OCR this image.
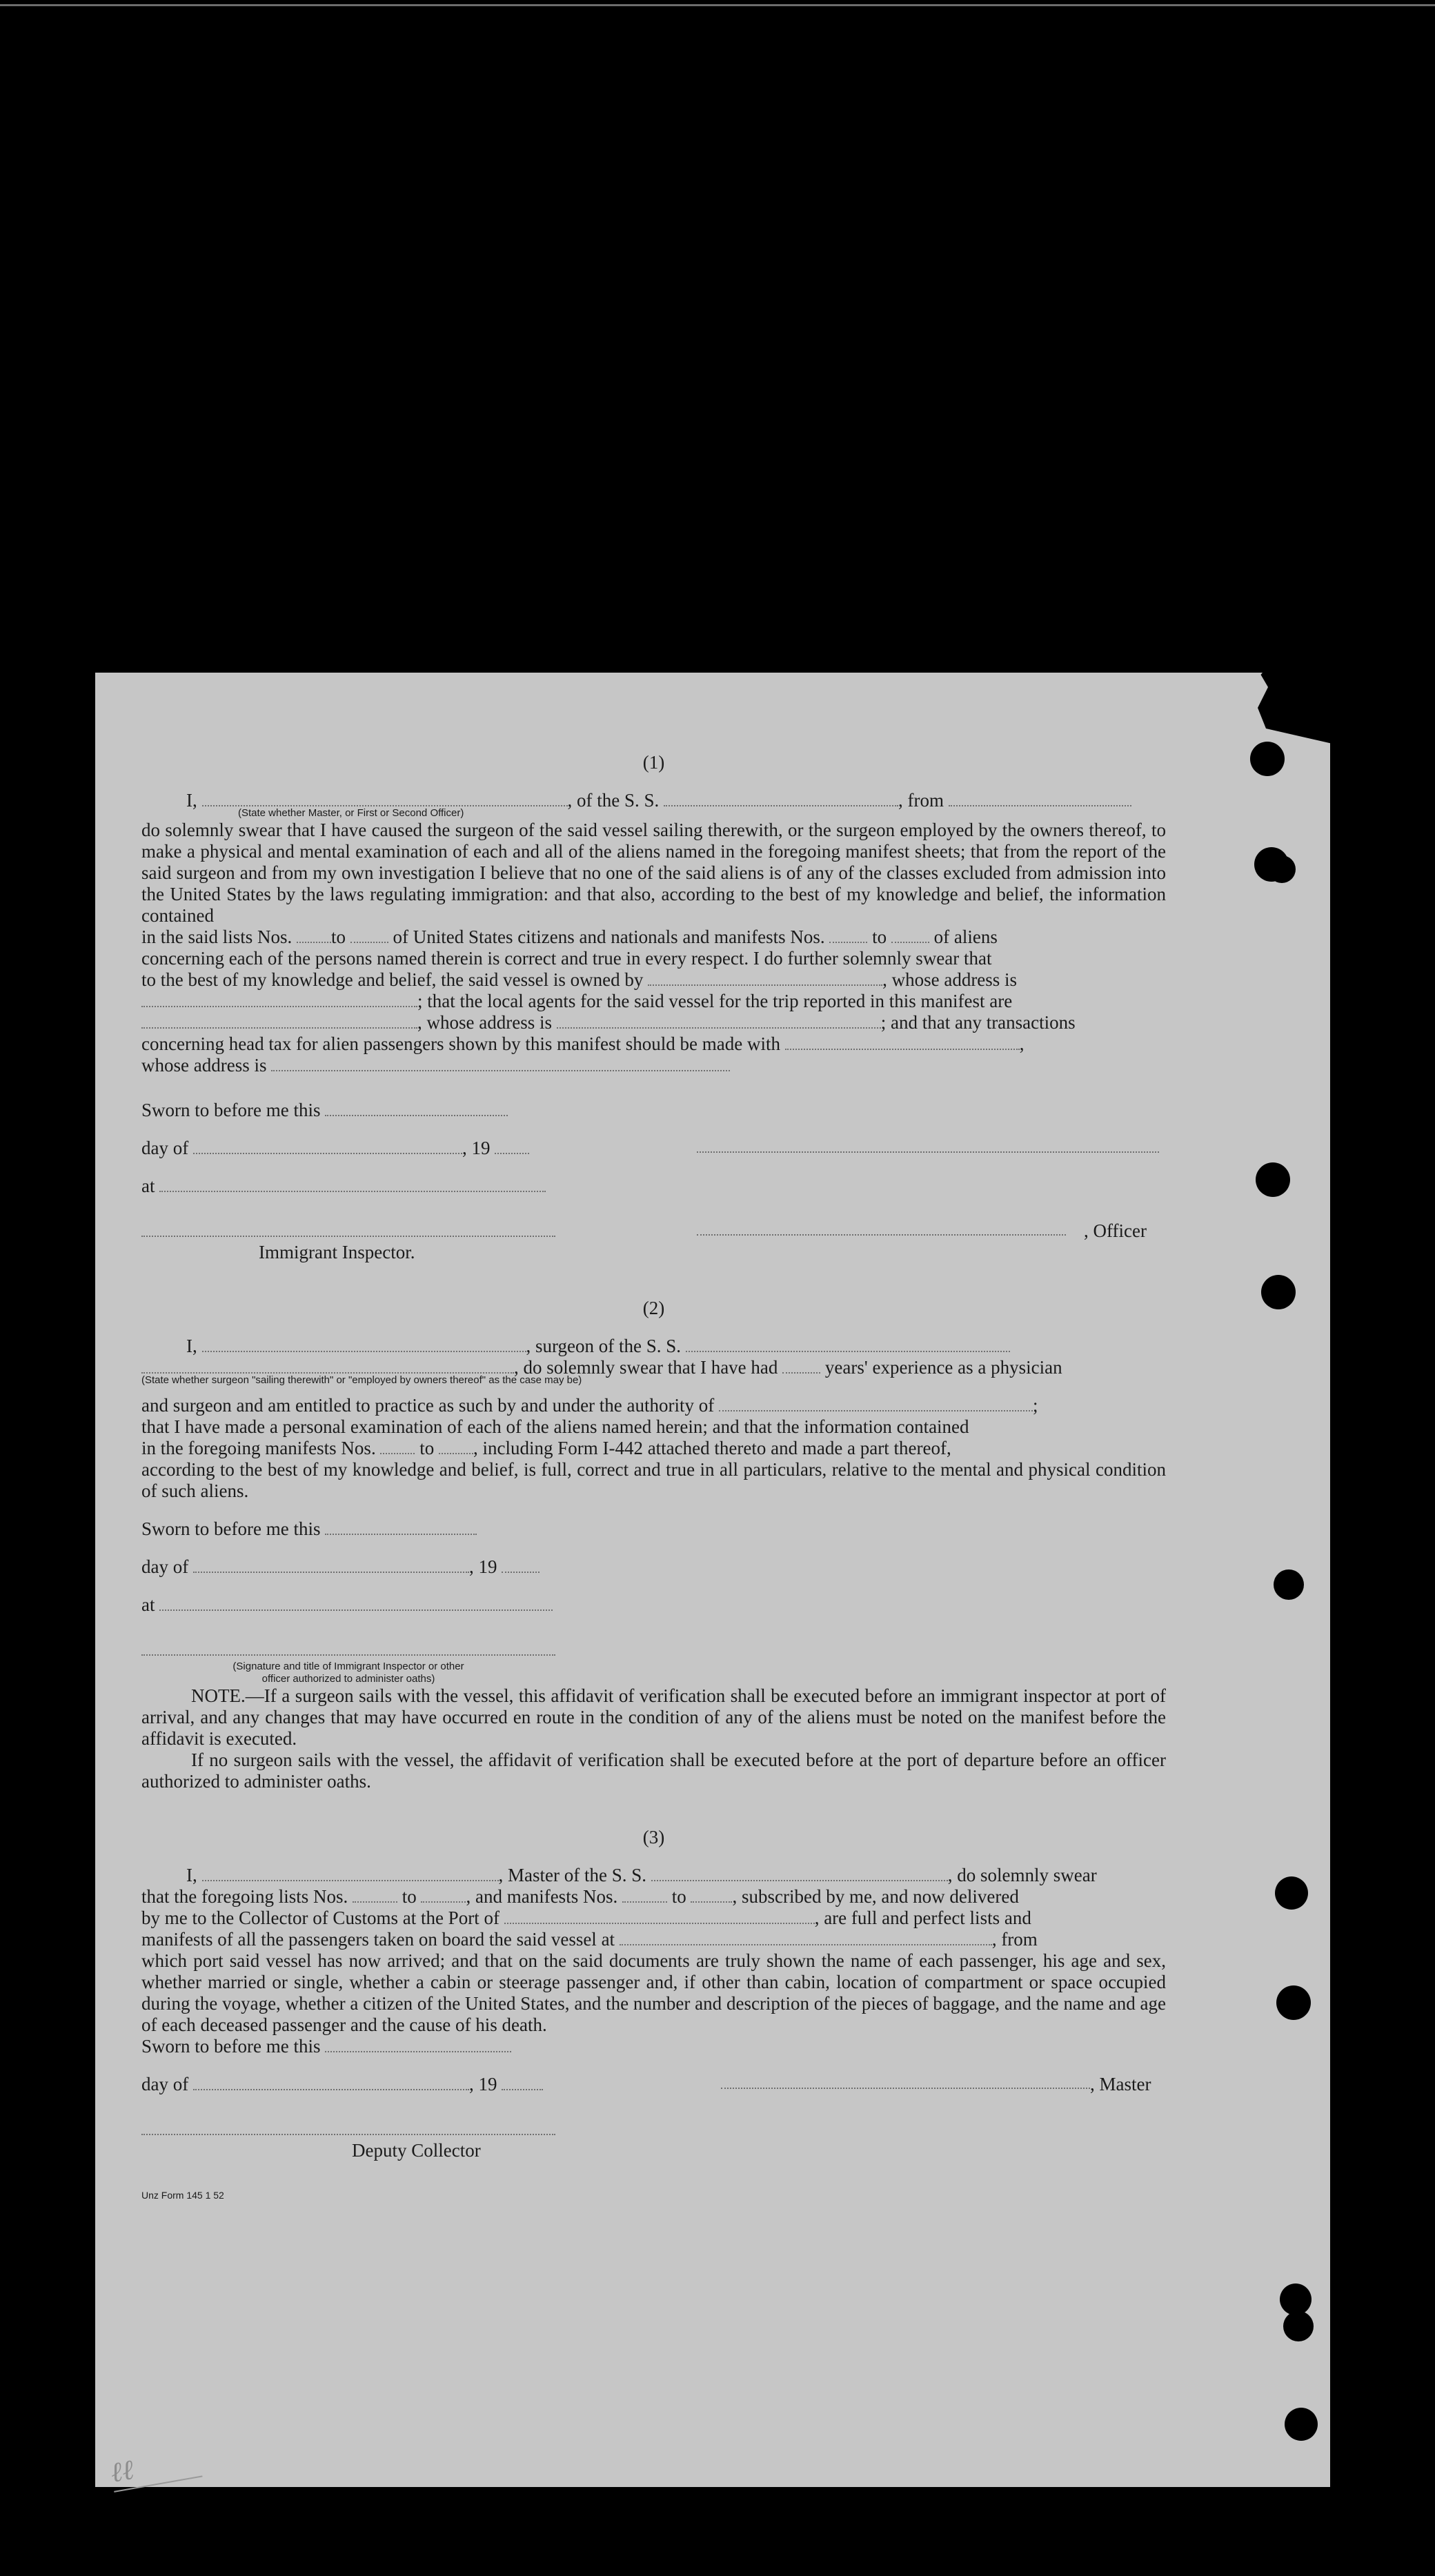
ℓℓ
(1)
I,	, of the S. S.	, from
(State whether Master, or First or Second Officer)

do solemnly swear that I have caused the surgeon of the said vessel sailing therewith, or the surgeon employed by the owners thereof, to make a physical and mental examination of each and all of the aliens named in the foregoing manifest sheets; that from the report of the said surgeon and from my own investigation I believe that no one of the said aliens is of any of the classes excluded from admission into the United States by the laws regulating immigration: and that also, according to the best of my knowledge and belief, the information contained

in the said lists Nos. to	of United States citizens and nationals and manifests Nos.	to	of aliens

concerning each of the persons named therein is correct and true in every respect. I do further solemnly swear that

to the best of my knowledge and belief, the said vessel is owned by	, whose address is
; that the local agents for the said vessel for the trip reported in this manifest are
, whose address is	; and that any transactions
concerning head tax for alien passengers shown by this manifest should be made with	,
whose address is
Sworn to before me this
day of	, 19
at
, Officer
Immigrant Inspector.
(2)
I,	, surgeon of the S. S.
, do solemnly swear that I have had	years' experience as a physician
(State whether surgeon "sailing therewith" or "employed by owners thereof" as the case may be)
and surgeon and am entitled to practice as such by and under the authority of	;

that I have made a personal examination of each of the aliens named herein; and that the information contained

in the foregoing manifests Nos. to , including Form I-442 attached thereto and made a part thereof,

according to the best of my knowledge and belief, is full, correct and true in all particulars, relative to the mental and physical condition of such aliens.

Sworn to before me this
day of	, 19
at
(Signature and title of Immigrant Inspector or other
officer authorized to administer oaths)

NOTE.—If a surgeon sails with the vessel, this affidavit of verification shall be executed before an immigrant inspector at port of arrival, and any changes that may have occurred en route in the condition of any of the aliens must be noted on the manifest before the affidavit is executed.

If no surgeon sails with the vessel, the affidavit of verification shall be executed before at the port of departure before an officer authorized to administer oaths.

(3)
I,	, Master of the S. S.	, do solemnly swear
that the foregoing lists Nos.	to	, and manifests Nos.	to , subscribed by me, and now delivered
by me to the Collector of Customs at the Port of	, are full and perfect lists and
manifests of all the passengers taken on board the said vessel at	, from

which port said vessel has now arrived; and that on the said documents are truly shown the name of each passenger, his age and sex, whether married or single, whether a cabin or steerage passenger and, if other than cabin, location of compartment or space occupied during the voyage, whether a citizen of the United States, and the number and description of the pieces of baggage, and the name and age of each deceased passenger and the cause of his death.

Sworn to before me this
day of	, 19	, Master
Deputy Collector
Unz Form 145 1 52
